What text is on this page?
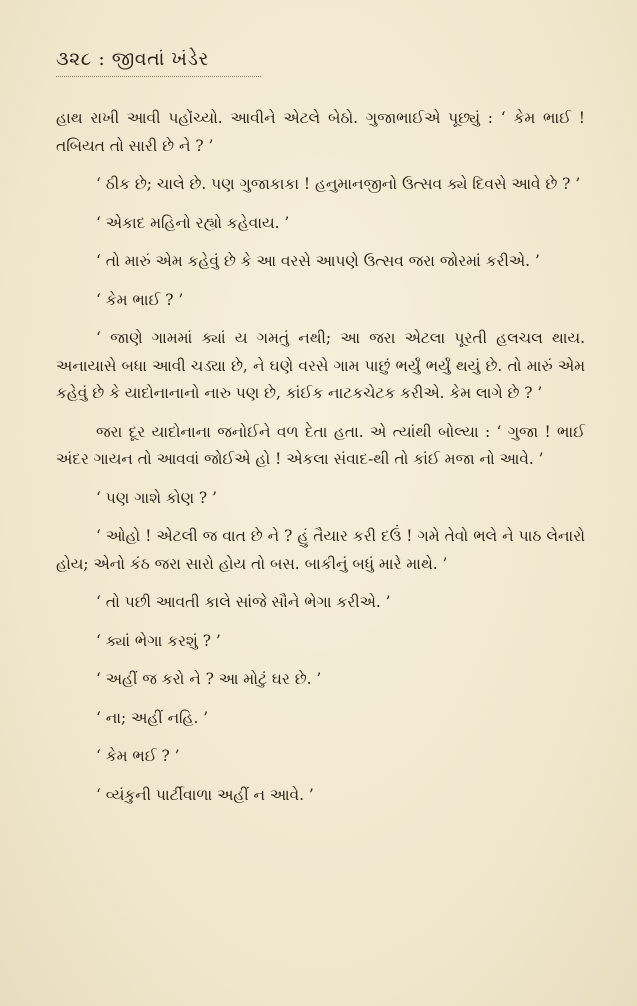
૩૨૮ : જીવતાં ખંડેર

હાથ રાખી આવી પહોંચ્યો. આવીને એટલે બેઠો. ગુજાભાઈએ પૂછ્યું : ‘ કેમ ભાઈ ! તબિયત તો સારી છે ને ? ’

‘ ઠીક છે; ચાલે છે. પણ ગુજાકાકા ! હનુમાનજીનો ઉત્સવ ક્યે દિવસે આવે છે ? ’

‘ એકાદ મહિનો રહ્યો કહેવાય. ’

‘ તો મારું એમ કહેવું છે કે આ વરસે આપણે ઉત્સવ જરા જોરમાં કરીએ. ’

‘ કેમ ભાઈ ? ’

‘ જાણે ગામમાં ક્યાં ય ગમતું નથી; આ જરા એટલા પૂરતી હલચલ થાય. અનાયાસે બધા આવી ચડ્યા છે, ને ઘણે વરસે ગામ પાછું ભર્યું ભર્યું થયું છે. તો મારું એમ કહેવું છે કે યાદોનાનાનો નારુ પણ છે, કાંઈક નાટકચેટક કરીએ. કેમ લાગે છે ? ’

જરા દૂર યાદોનાના જનોઈને વળ દેતા હતા. એ ત્યાંથી બોલ્યા : ‘ ગુજા ! ભાઈ અંદર ગાયન તો આવવાં જોઈએ હો ! એકલા સંવાદ-થી તો કાંઈ મજા નો આવે. ’

‘ પણ ગાશે કોણ ? ’

‘ ઓહો ! એટલી જ વાત છે ને ? હું તૈયાર કરી દઉં ! ગમે તેવો ભલે ને પાઠ લેનારો હોય; એનો કંઠ જરા સારો હોય તો બસ. બાકીનું બધું મારે માથે. ’

‘ તો પછી આવતી કાલે સાંજે સૌને ભેગા કરીએ. ’

‘ ક્યાં ભેગા કરશું ? ’

‘ અહીં જ કરો ને ? આ મોટું ઘર છે. ’

‘ ના; અહીં નહિ. ’

‘ કેમ ભઈ ? ’

‘ વ્યંકુની પાર્ટીવાળા અહીં ન આવે. ’
